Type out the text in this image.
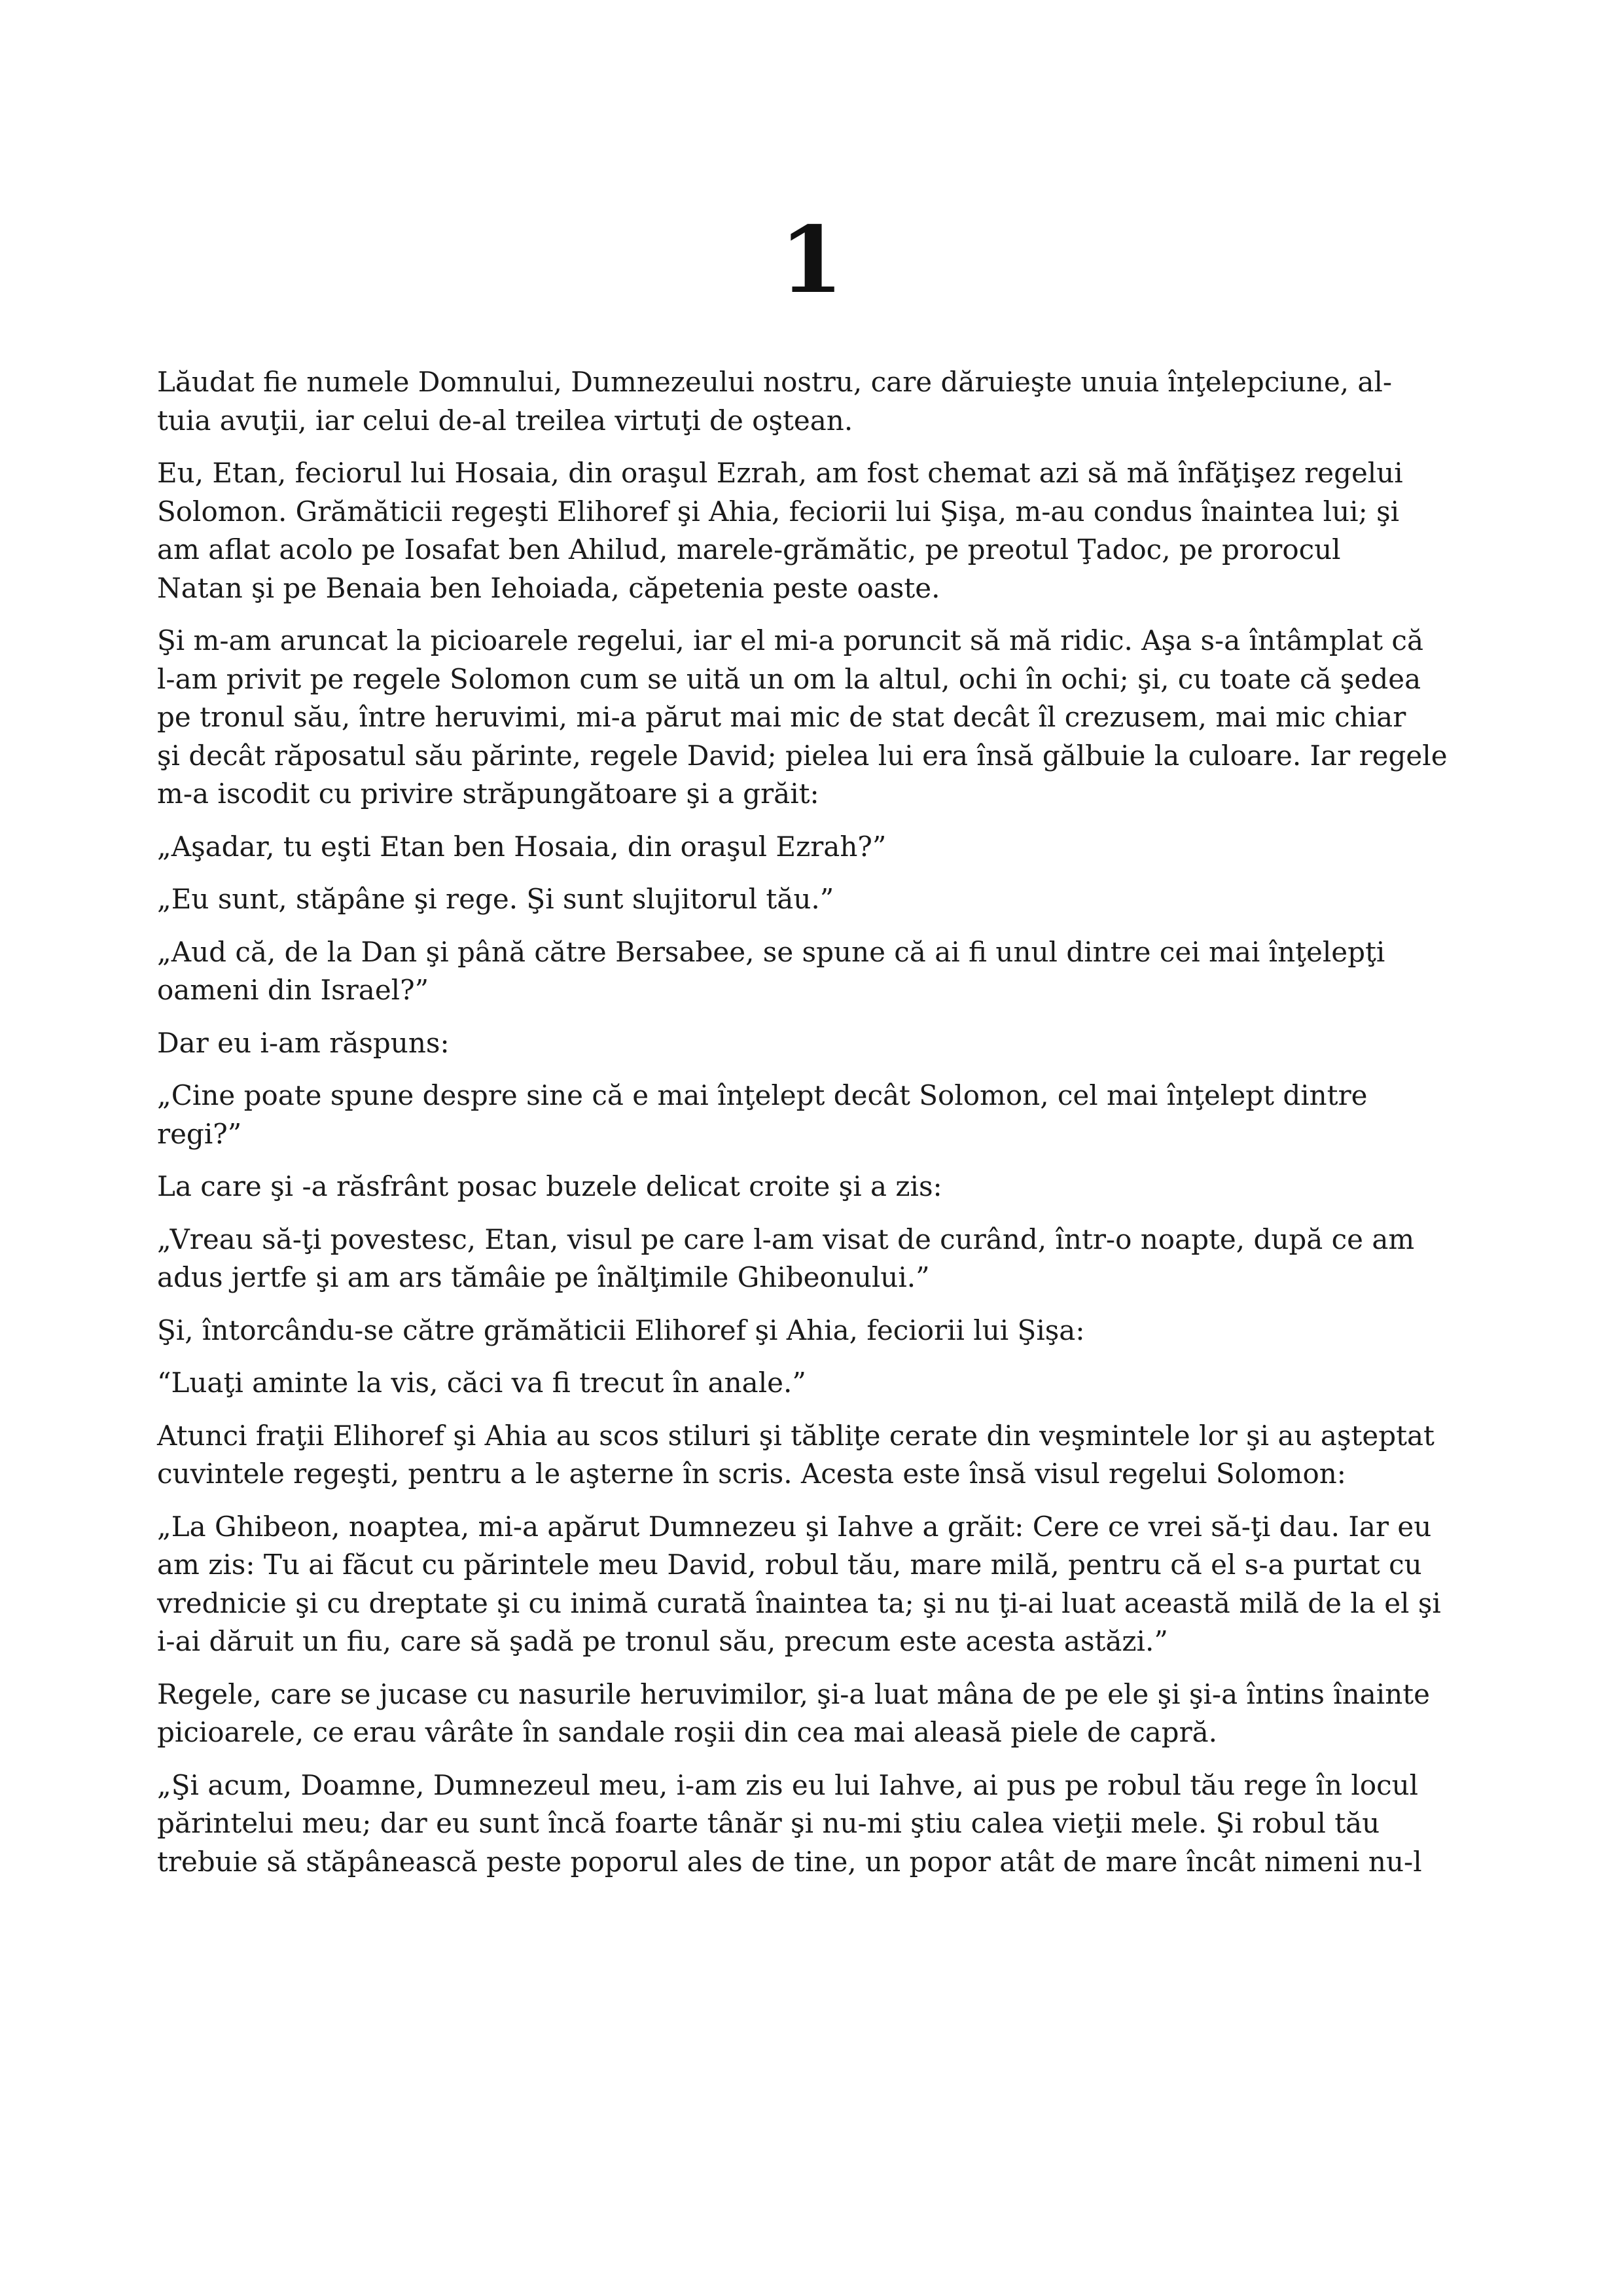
1

Lăudat fie numele Domnului, Dumnezeului nostru, care dăruieşte unuia înţelepciune, al-
tuia avuţii, iar celui de-al treilea virtuţi de oştean.

Eu, Etan, feciorul lui Hosaia, din oraşul Ezrah, am fost chemat azi să mă înfăţişez regelui
Solomon. Grămăticii regeşti Elihoref şi Ahia, feciorii lui Şişa, m-au condus înaintea lui; şi
am aflat acolo pe Iosafat ben Ahilud, marele-grămătic, pe preotul Ţadoc, pe prorocul
Natan şi pe Benaia ben Iehoiada, căpetenia peste oaste.

Şi m-am aruncat la picioarele regelui, iar el mi-a poruncit să mă ridic. Aşa s-a întâmplat că
l-am privit pe regele Solomon cum se uită un om la altul, ochi în ochi; şi, cu toate că şedea
pe tronul său, între heruvimi, mi-a părut mai mic de stat decât îl crezusem, mai mic chiar
şi decât răposatul său părinte, regele David; pielea lui era însă gălbuie la culoare. Iar regele
m-a iscodit cu privire străpungătoare şi a grăit:

„Aşadar, tu eşti Etan ben Hosaia, din oraşul Ezrah?”

„Eu sunt, stăpâne şi rege. Şi sunt slujitorul tău.”

„Aud că, de la Dan şi până către Bersabee, se spune că ai fi unul dintre cei mai înţelepţi
oameni din Israel?”

Dar eu i-am răspuns:

„Cine poate spune despre sine că e mai înţelept decât Solomon, cel mai înţelept dintre
regi?”

La care şi -a răsfrânt posac buzele delicat croite şi a zis:

„Vreau să-ţi povestesc, Etan, visul pe care l-am visat de curând, într-o noapte, după ce am
adus jertfe şi am ars tămâie pe înălţimile Ghibeonului.”

Şi, întorcându-se către grămăticii Elihoref şi Ahia, feciorii lui Şişa:

“Luaţi aminte la vis, căci va fi trecut în anale.”

Atunci fraţii Elihoref şi Ahia au scos stiluri şi tăbliţe cerate din veşmintele lor şi au aşteptat
cuvintele regeşti, pentru a le aşterne în scris. Acesta este însă visul regelui Solomon:

„La Ghibeon, noaptea, mi-a apărut Dumnezeu şi Iahve a grăit: Cere ce vrei să-ţi dau. Iar eu
am zis: Tu ai făcut cu părintele meu David, robul tău, mare milă, pentru că el s-a purtat cu
vrednicie şi cu dreptate şi cu inimă curată înaintea ta; şi nu ţi-ai luat această milă de la el şi
i-ai dăruit un fiu, care să şadă pe tronul său, precum este acesta astăzi.”

Regele, care se jucase cu nasurile heruvimilor, şi-a luat mâna de pe ele şi şi-a întins înainte
picioarele, ce erau vârâte în sandale roşii din cea mai aleasă piele de capră.

„Şi acum, Doamne, Dumnezeul meu, i-am zis eu lui Iahve, ai pus pe robul tău rege în locul
părintelui meu; dar eu sunt încă foarte tânăr şi nu-mi ştiu calea vieţii mele. Şi robul tău
trebuie să stăpânească peste poporul ales de tine, un popor atât de mare încât nimeni nu-l
